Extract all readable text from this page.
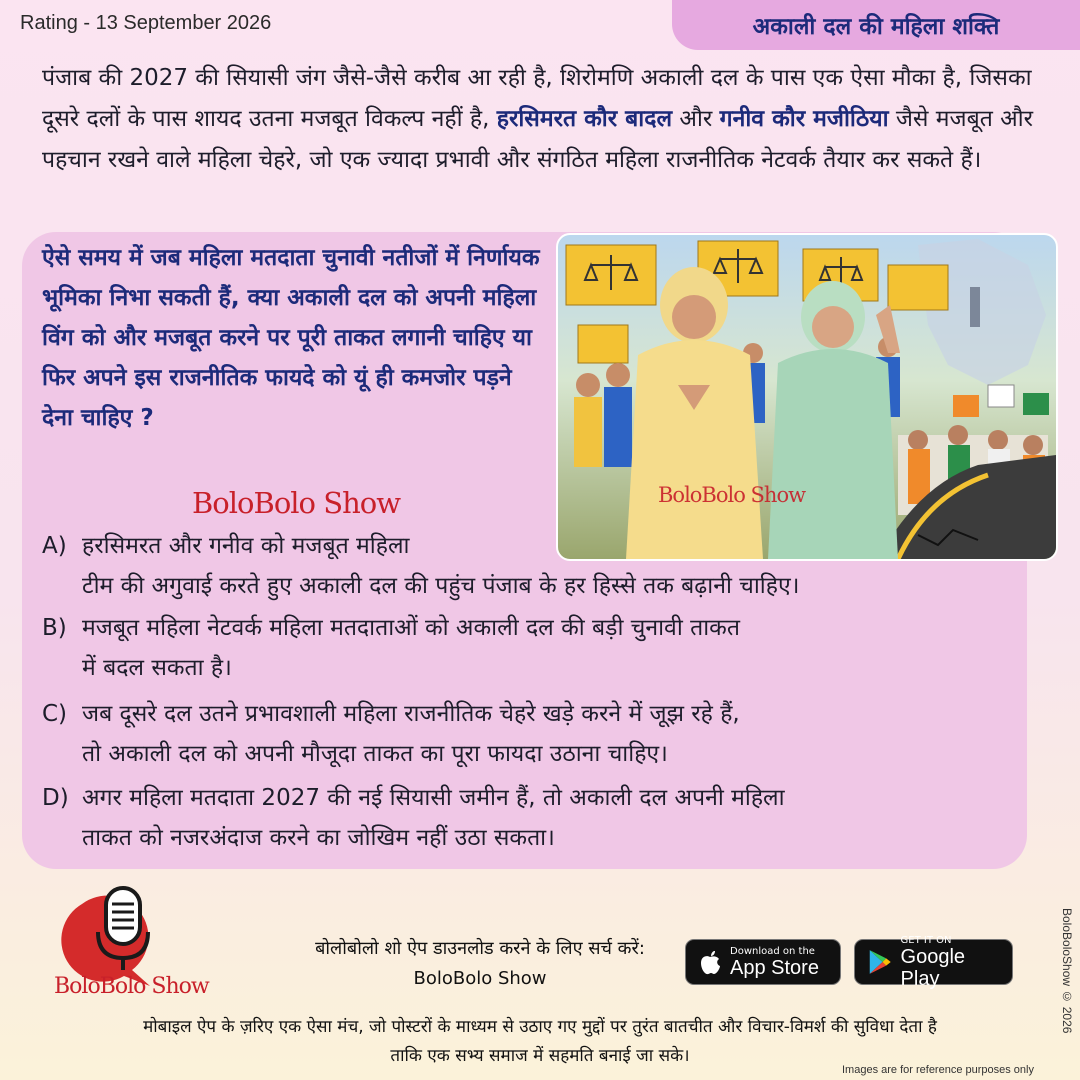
Rating - 13 September 2026	अकाली दल की महिला शक्ति
पंजाब की 2027 की सियासी जंग जैसे-जैसे करीब आ रही है, शिरोमणि अकाली दल के पास एक ऐसा मौका है, जिसका दूसरे दलों के पास शायद उतना मजबूत विकल्प नहीं है, हरसिमरत कौर बादल और गनीव कौर मजीठिया जैसे मजबूत और पहचान रखने वाले महिला चेहरे, जो एक ज्यादा प्रभावी और संगठित महिला राजनीतिक नेटवर्क तैयार कर सकते हैं।
ऐसे समय में जब महिला मतदाता चुनावी नतीजों में निर्णायक भूमिका निभा सकती हैं, क्या अकाली दल को अपनी महिला विंग को और मजबूत करने पर पूरी ताकत लगानी चाहिए या फिर अपने इस राजनीतिक फायदे को यूं ही कमजोर पड़ने देना चाहिए ?
BoloBolo Show	BoloBolo Show
A) हरसिमरत और गनीव को मजबूत महिला
टीम की अगुवाई करते हुए अकाली दल की पहुंच पंजाब के हर हिस्से तक बढ़ानी चाहिए।
B) मजबूत महिला नेटवर्क महिला मतदाताओं को अकाली दल की बड़ी चुनावी ताकत
में बदल सकता है।
C) जब दूसरे दल उतने प्रभावशाली महिला राजनीतिक चेहरे खड़े करने में जूझ रहे हैं,
तो अकाली दल को अपनी मौजूदा ताकत का पूरा फायदा उठाना चाहिए।
D) अगर महिला मतदाता 2027 की नई सियासी जमीन हैं, तो अकाली दल अपनी महिला
ताकत को नजरअंदाज करने का जोखिम नहीं उठा सकता।
BoloBolo Show
बोलोबोलो शो ऐप डाउनलोड करने के लिए सर्च करें:
BoloBolo Show
Download on the
App Store
GET IT ON
Google Play
मोबाइल ऐप के ज़रिए एक ऐसा मंच, जो पोस्टरों के माध्यम से उठाए गए मुद्दों पर तुरंत बातचीत और विचार-विमर्श की सुविधा देता है
ताकि एक सभ्य समाज में सहमति बनाई जा सके।
Images are for reference purposes only
BoloBoloShow © 2026
